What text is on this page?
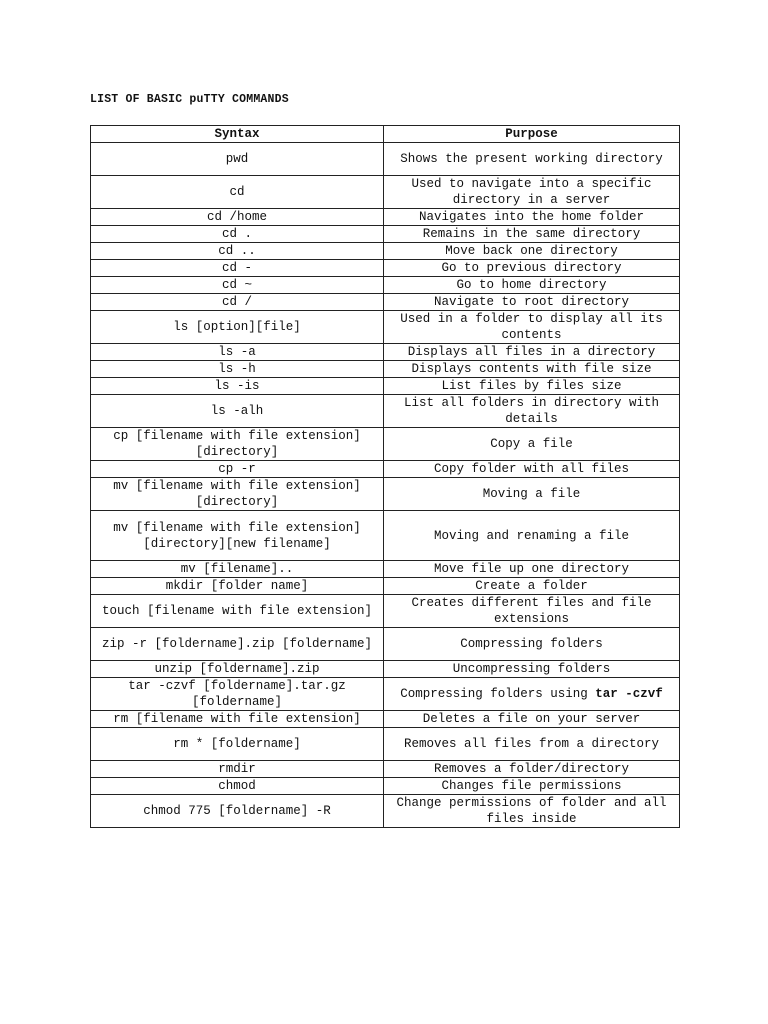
LIST OF BASIC puTTY COMMANDS
Syntax	Purpose
pwd	Shows the present working directory
cd	Used to navigate into a specific directory in a server
cd /home	Navigates into the home folder
cd .	Remains in the same directory
cd ..	Move back one directory
cd -	Go to previous directory
cd ~	Go to home directory
cd /	Navigate to root directory
ls [option][file]	Used in a folder to display all its contents
ls -a	Displays all files in a directory
ls -h	Displays contents with file size
ls -is	List files by files size
ls -alh	List all folders in directory with details
cp [filename with file extension][directory]	Copy a file
cp -r	Copy folder with all files
mv [filename with file extension][directory]	Moving a file
mv [filename with file extension][directory][new filename]	Moving and renaming a file
mv [filename]..	Move file up one directory
mkdir [folder name]	Create a folder
touch [filename with file extension]	Creates different files and file extensions
zip -r [foldername].zip [foldername]	Compressing folders
unzip [foldername].zip	Uncompressing folders
tar -czvf [foldername].tar.gz [foldername]	Compressing folders using tar -czvf
rm [filename with file extension]	Deletes a file on your server
rm * [foldername]	Removes all files from a directory
rmdir	Removes a folder/directory
chmod	Changes file permissions
chmod 775 [foldername] -R	Change permissions of folder and all files inside
